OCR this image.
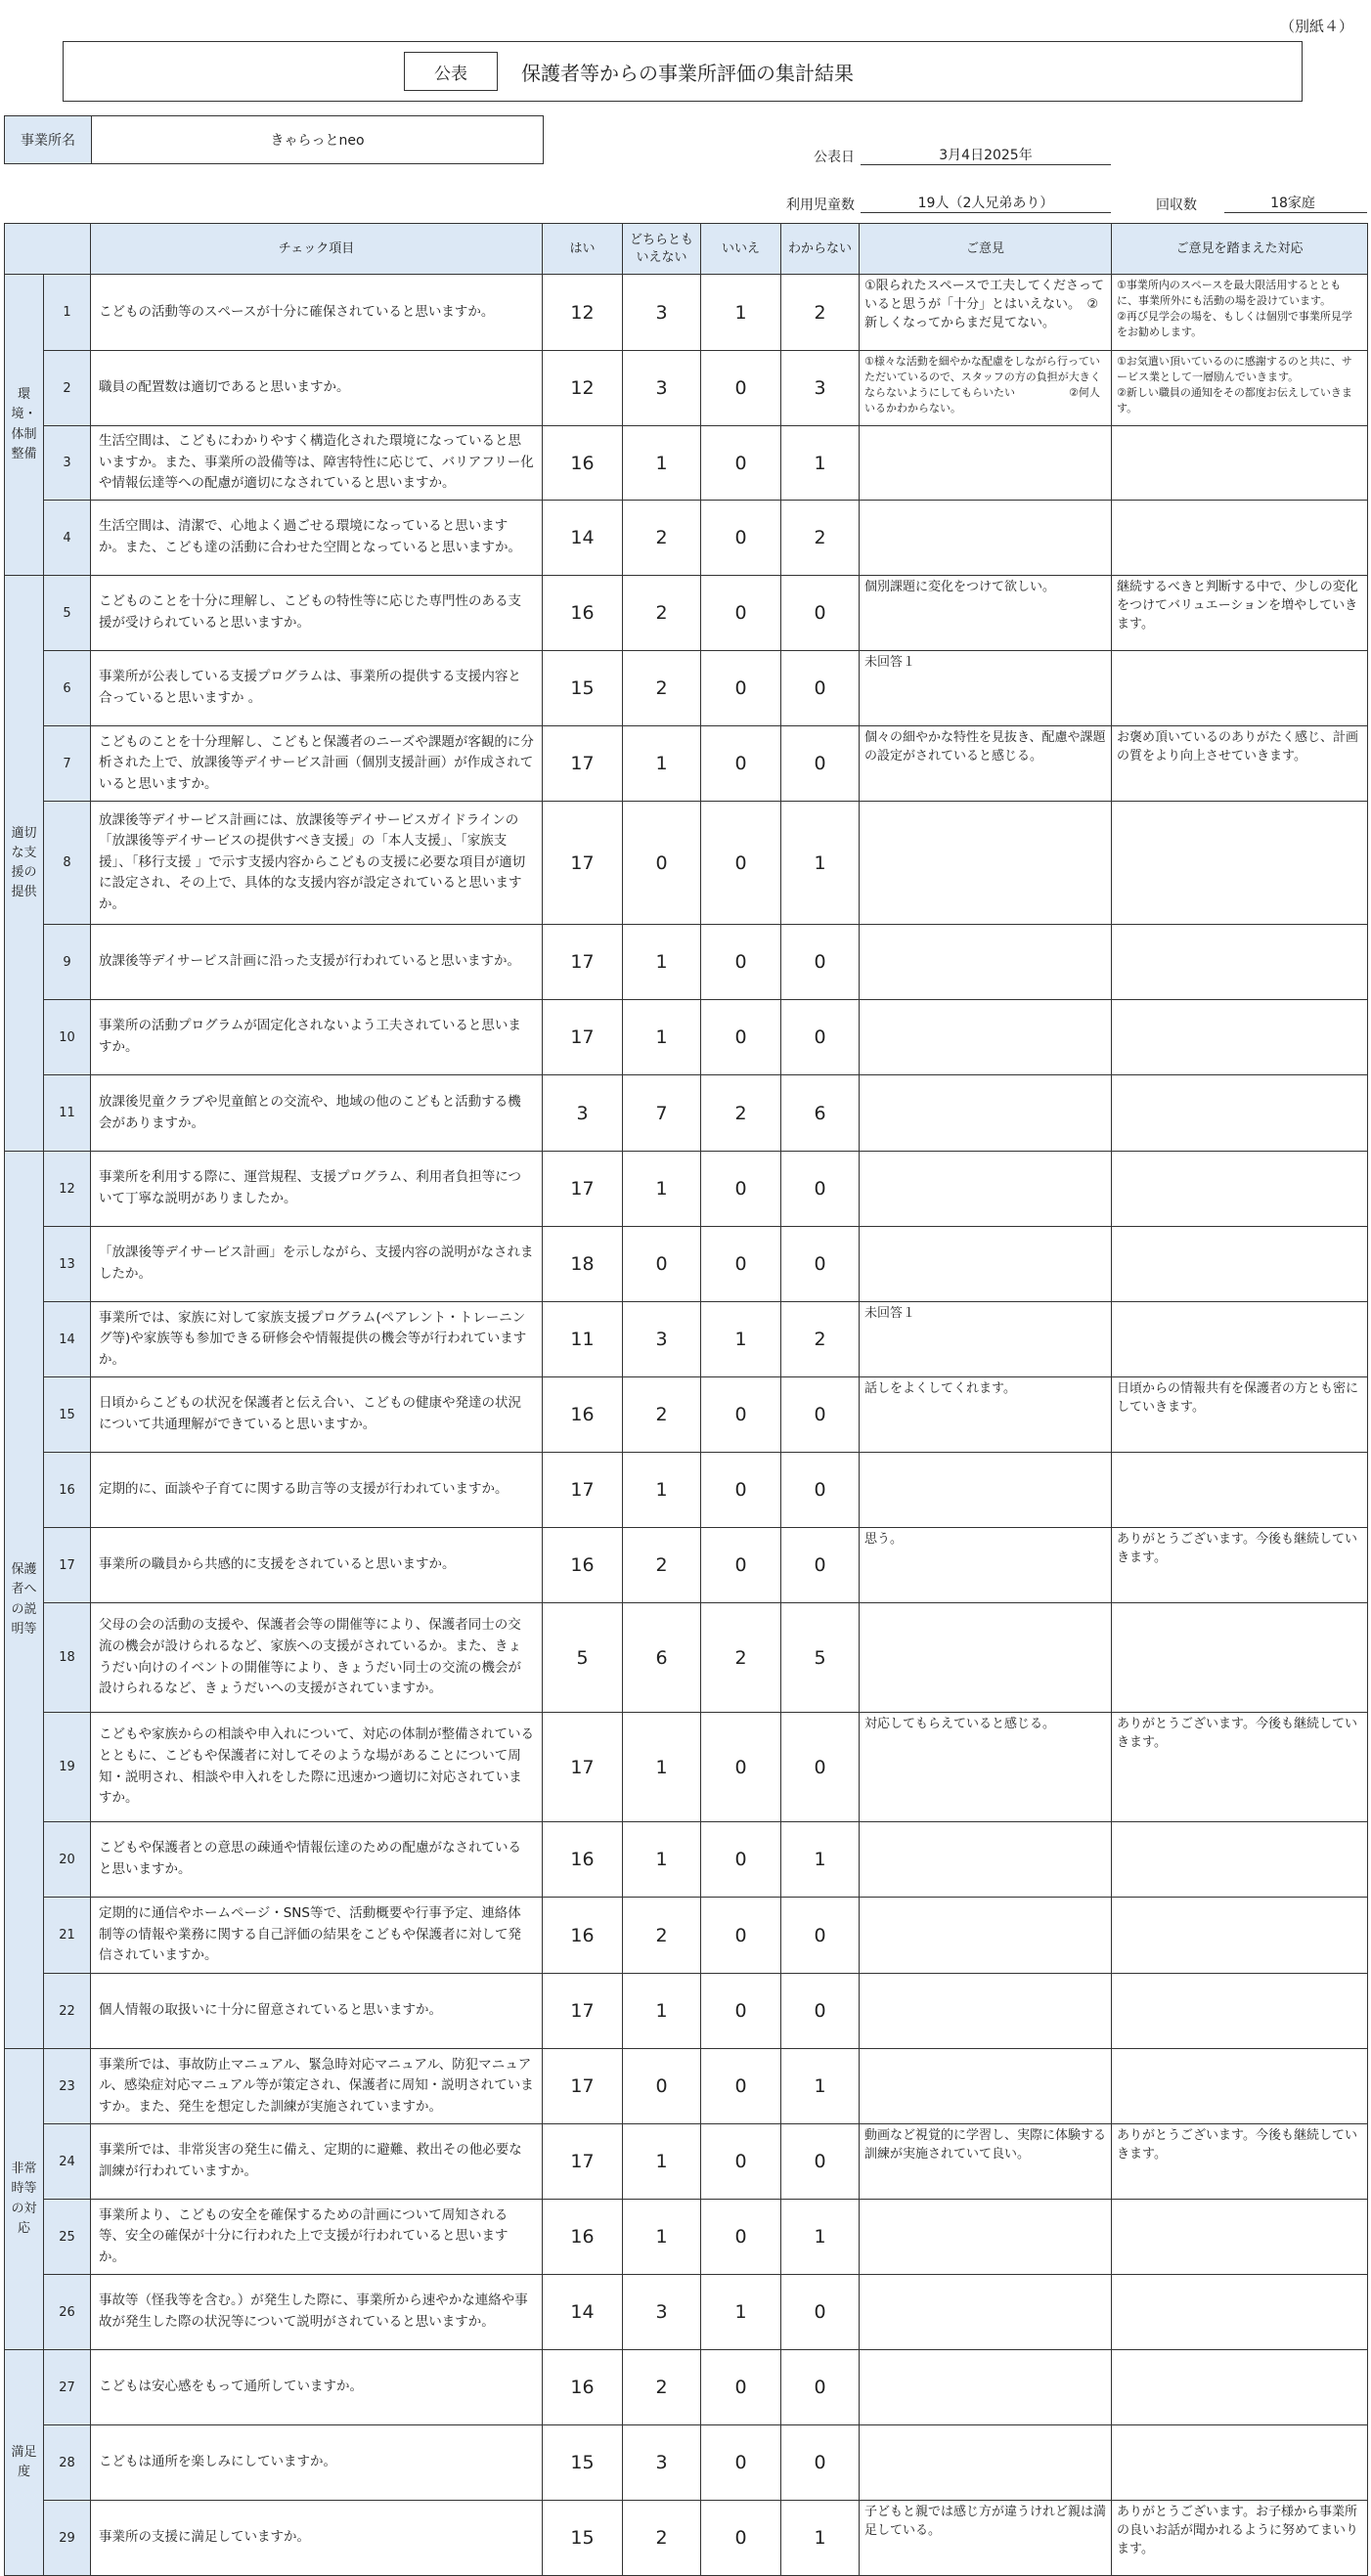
（別紙４）
公表	保護者等からの事業所評価の集計結果
事業所名	きゃらっとneo
公表日	3月4日2025年
利用児童数	19人（2人兄弟あり）	回収数	18家庭
		チェック項目	はい	どちらとも
いえない	いいえ	わからない	ご意見	ご意見を踏まえた対応
環
境・
体制
整備	1	こどもの活動等のスペースが十分に確保されていると思いますか。	12	3	1	2	①限られたスペースで工夫してくださっていると思うが「十分」とはいえない。　②新しくなってからまだ見てない。	①事業所内のスペースを最大限活用するとともに、事業所外にも活動の場を設けています。
②再び見学会の場を、もしくは個別で事業所見学をお勧めします。
	2	職員の配置数は適切であると思いますか。	12	3	0	3	①様々な活動を細やかな配慮をしながら行っていただいているので、スタッフの方の負担が大きくならないようにしてもらいたい　　　　　②何人いるかわからない。	①お気遣い頂いているのに感謝するのと共に、サービス業として一層励んでいきます。
②新しい職員の通知をその都度お伝えしていきます。
	3	生活空間は、こどもにわかりやすく構造化された環境になっていると思いますか。また、事業所の設備等は、障害特性に応じて、バリアフリー化や情報伝達等への配慮が適切になされていると思いますか。	16	1	0	1		
	4	生活空間は、清潔で、心地よく過ごせる環境になっていると思いますか。また、こども達の活動に合わせた空間となっていると思いますか。	14	2	0	2		
適切
な支
援の
提供	5	こどものことを十分に理解し、こどもの特性等に応じた専門性のある支援が受けられていると思いますか。	16	2	0	0	個別課題に変化をつけて欲しい。	継続するべきと判断する中で、少しの変化をつけてバリュエーションを増やしていきます。
	6	事業所が公表している支援プログラムは、事業所の提供する支援内容と合っていると思いますか 。	15	2	0	0	未回答１	
	7	こどものことを十分理解し、こどもと保護者のニーズや課題が客観的に分析された上で、放課後等デイサービス計画（個別支援計画）が作成されていると思いますか。	17	1	0	0	個々の細やかな特性を見抜き、配慮や課題の設定がされていると感じる。	お褒め頂いているのありがたく感じ、計画の質をより向上させていきます。
	8	放課後等デイサービス計画には、放課後等デイサービスガイドラインの「放課後等デイサービスの提供すべき支援」の「本人支援」、「家族支援」、「移行支援 」で示す支援内容からこどもの支援に必要な項目が適切に設定され、その上で、具体的な支援内容が設定されていると思いますか。	17	0	0	1		
	9	放課後等デイサービス計画に沿った支援が行われていると思いますか。	17	1	0	0		
	10	事業所の活動プログラムが固定化されないよう工夫されていると思いますか。	17	1	0	0		
	11	放課後児童クラブや児童館との交流や、地域の他のこどもと活動する機会がありますか。	3	7	2	6		
保護
者へ
の説
明等	12	事業所を利用する際に、運営規程、支援プログラム、利用者負担等について丁寧な説明がありましたか。	17	1	0	0		
	13	「放課後等デイサービス計画」を示しながら、支援内容の説明がなされましたか。	18	0	0	0		
	14	事業所では、家族に対して家族支援プログラム(ペアレント・トレーニング等)や家族等も参加できる研修会や情報提供の機会等が行われていますか。	11	3	1	2	未回答１	
	15	日頃からこどもの状況を保護者と伝え合い、こどもの健康や発達の状況について共通理解ができていると思いますか。	16	2	0	0	話しをよくしてくれます。	日頃からの情報共有を保護者の方とも密にしていきます。
	16	定期的に、面談や子育てに関する助言等の支援が行われていますか。	17	1	0	0		
	17	事業所の職員から共感的に支援をされていると思いますか。	16	2	0	0	思う。	ありがとうございます。今後も継続していきます。
	18	父母の会の活動の支援や、保護者会等の開催等により、保護者同士の交流の機会が設けられるなど、家族への支援がされているか。また、きょうだい向けのイベントの開催等により、きょうだい同士の交流の機会が設けられるなど、きょうだいへの支援がされていますか。	5	6	2	5		
	19	こどもや家族からの相談や申入れについて、対応の体制が整備されているとともに、こどもや保護者に対してそのような場があることについて周知・説明され、相談や申入れをした際に迅速かつ適切に対応されていますか。	17	1	0	0	対応してもらえていると感じる。	ありがとうございます。今後も継続していきます。
	20	こどもや保護者との意思の疎通や情報伝達のための配慮がなされていると思いますか。	16	1	0	1		
	21	定期的に通信やホームページ・SNS等で、活動概要や行事予定、連絡体制等の情報や業務に関する自己評価の結果をこどもや保護者に対して発信されていますか。	16	2	0	0		
	22	個人情報の取扱いに十分に留意されていると思いますか。	17	1	0	0		
非常
時等
の対
応	23	事業所では、事故防止マニュアル、緊急時対応マニュアル、防犯マニュアル、感染症対応マニュアル等が策定され、保護者に周知・説明されていますか。また、発生を想定した訓練が実施されていますか。	17	0	0	1		
	24	事業所では、非常災害の発生に備え、定期的に避難、救出その他必要な訓練が行われていますか。	17	1	0	0	動画など視覚的に学習し、実際に体験する訓練が実施されていて良い。	ありがとうございます。今後も継続していきます。
	25	事業所より、こどもの安全を確保するための計画について周知される等、安全の確保が十分に行われた上で支援が行われていると思いますか。	16	1	0	1		
	26	事故等（怪我等を含む。）が発生した際に、事業所から速やかな連絡や事故が発生した際の状況等について説明がされていると思いますか。	14	3	1	0		
満足
度	27	こどもは安心感をもって通所していますか。	16	2	0	0		
	28	こどもは通所を楽しみにしていますか。	15	3	0	0		
	29	事業所の支援に満足していますか。	15	2	0	1	子どもと親では感じ方が違うけれど親は満足している。	ありがとうございます。お子様から事業所の良いお話が聞かれるように努めてまいります。
